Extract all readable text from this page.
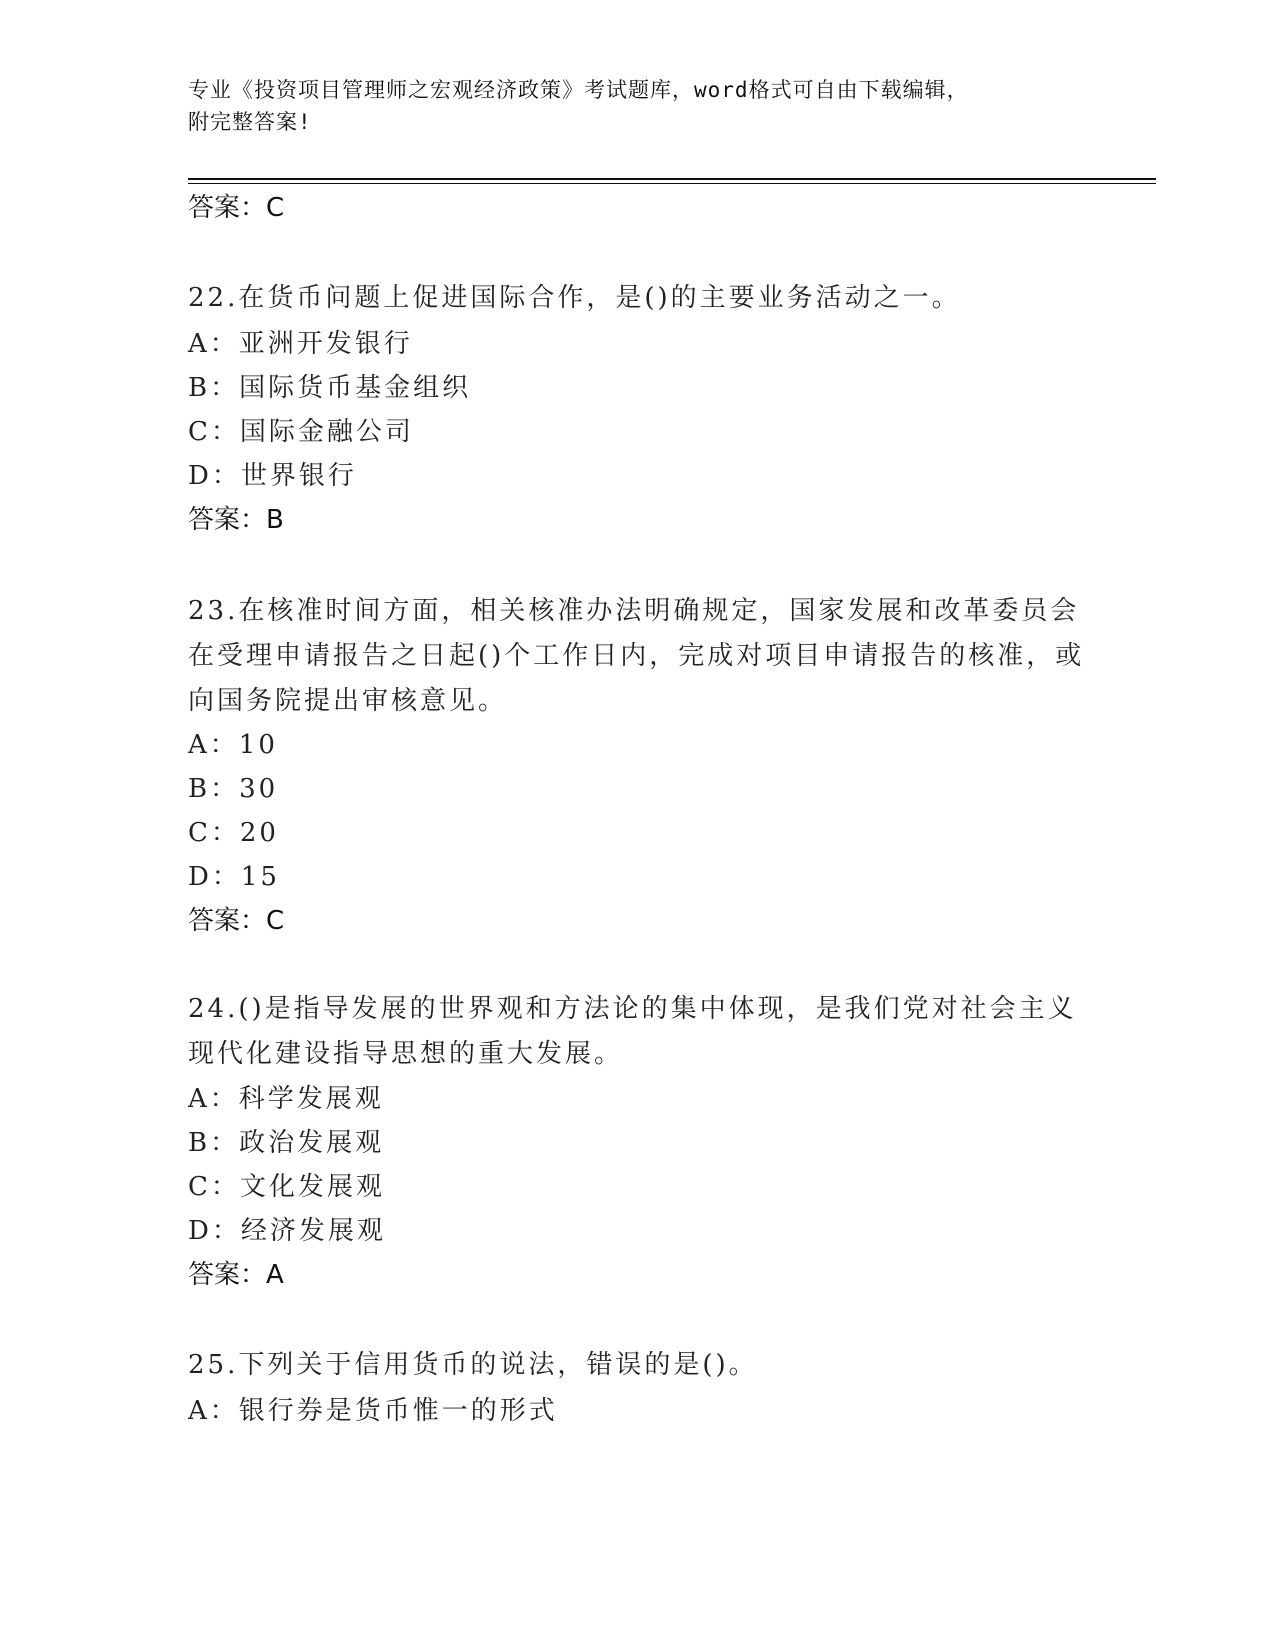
专业《投资项目管理师之宏观经济政策》考试题库，word格式可自由下载编辑，
附完整答案!
答案：C
22.在货币问题上促进国际合作，是()的主要业务活动之一。
A：亚洲开发银行
B：国际货币基金组织
C：国际金融公司
D：世界银行
答案：B
23.在核准时间方面，相关核准办法明确规定，国家发展和改革委员会在受理申请报告之日起()个工作日内，完成对项目申请报告的核准，或向国务院提出审核意见。
A：10
B：30
C：20
D：15
答案：C
24.()是指导发展的世界观和方法论的集中体现，是我们党对社会主义现代化建设指导思想的重大发展。
A：科学发展观
B：政治发展观
C：文化发展观
D：经济发展观
答案：A
25.下列关于信用货币的说法，错误的是()。
A：银行券是货币惟一的形式
